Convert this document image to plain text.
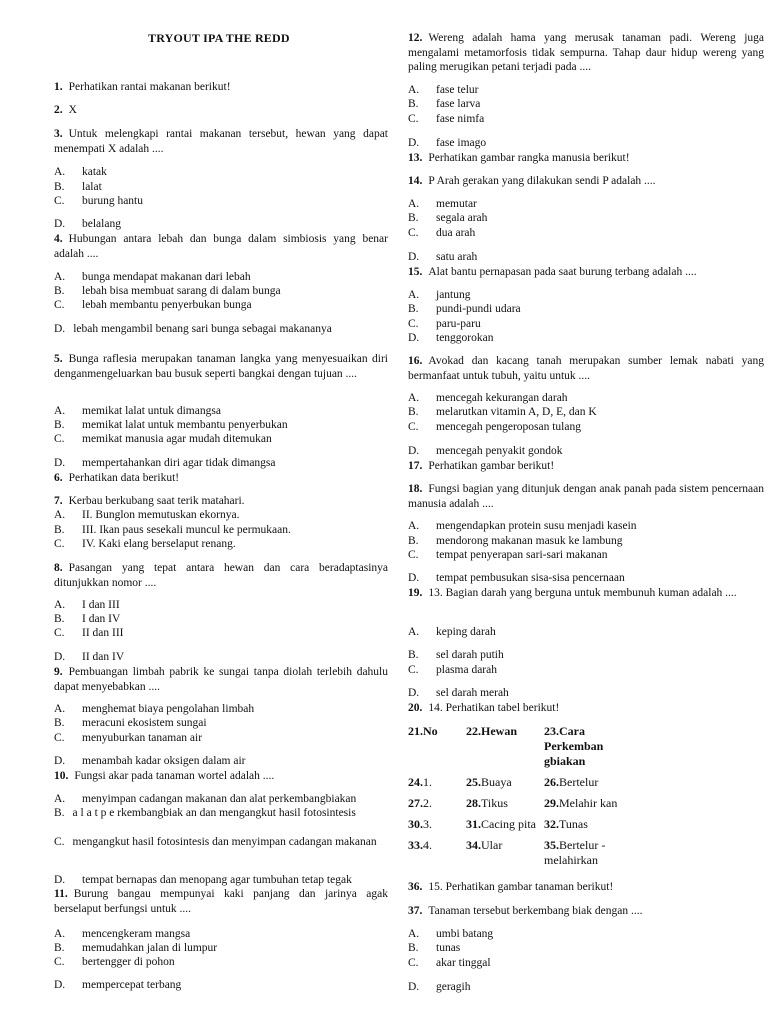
TRYOUT IPA THE REDD
1. Perhatikan rantai makanan berikut!
2. X
3. Untuk melengkapi rantai makanan tersebut, hewan yang dapat menempati X adalah ....
A. katak
B. lalat
C. burung hantu
D. belalang
4. Hubungan antara lebah dan bunga dalam simbiosis yang benar adalah ....
A. bunga mendapat makanan dari lebah
B. lebah bisa membuat sarang di dalam bunga
C. lebah membantu penyerbukan bunga
D. lebah mengambil benang sari bunga sebagai makananya
5. Bunga raflesia merupakan tanaman langka yang menyesuaikan diri denganmengeluarkan bau busuk seperti bangkai dengan tujuan ....
A. memikat lalat untuk dimangsa
B. memikat lalat untuk membantu penyerbukan
C. memikat manusia agar mudah ditemukan
D. mempertahankan diri agar tidak dimangsa
6. Perhatikan data berikut!
7. Kerbau berkubang saat terik matahari.
A. II. Bunglon memutuskan ekornya.
B. III. Ikan paus sesekali muncul ke permukaan.
C. IV. Kaki elang berselaput renang.
8. Pasangan yang tepat antara hewan dan cara beradaptasinya ditunjukkan nomor ....
A. I dan III
B. I dan IV
C. II dan III
D. II dan IV
9. Pembuangan limbah pabrik ke sungai tanpa diolah terlebih dahulu dapat menyebabkan ....
A. menghemat biaya pengolahan limbah
B. meracuni ekosistem sungai
C. menyuburkan tanaman air
D. menambah kadar oksigen dalam air
10. Fungsi akar pada tanaman wortel adalah ....
A. menyimpan cadangan makanan dan alat perkembangbiakan
B. a l a t p e rkembangbiak an dan mengangkut hasil fotosintesis
C. mengangkut hasil fotosintesis dan menyimpan cadangan makanan
D. tempat bernapas dan menopang agar tumbuhan tetap tegak
11. Burung bangau mempunyai kaki panjang dan jarinya agak berselaput berfungsi untuk ....
A. mencengkeram mangsa
B. memudahkan jalan di lumpur
C. bertengger di pohon
D. mempercepat terbang
12. Wereng adalah hama yang merusak tanaman padi. Wereng juga mengalami metamorfosis tidak sempurna. Tahap daur hidup wereng yang paling merugikan petani terjadi pada ....
A. fase telur
B. fase larva
C. fase nimfa
D. fase imago
13. Perhatikan gambar rangka manusia berikut!
14. P Arah gerakan yang dilakukan sendi P adalah ....
A. memutar
B. segala arah
C. dua arah
D. satu arah
15. Alat bantu pernapasan pada saat burung terbang adalah ....
A. jantung
B. pundi-pundi udara
C. paru-paru
D. tenggorokan
16. Avokad dan kacang tanah merupakan sumber lemak nabati yang bermanfaat untuk tubuh, yaitu untuk ....
A. mencegah kekurangan darah
B. melarutkan vitamin A, D, E, dan K
C. mencegah pengeroposan tulang
D. mencegah penyakit gondok
17. Perhatikan gambar berikut!
18. Fungsi bagian yang ditunjuk dengan anak panah pada sistem pencernaan manusia adalah ....
A. mengendapkan protein susu menjadi kasein
B. mendorong makanan masuk ke lambung
C. tempat penyerapan sari-sari makanan
D. tempat pembusukan sisa-sisa pencernaan
19. 13. Bagian darah yang berguna untuk membunuh kuman adalah ....
A. keping darah
B. sel darah putih
C. plasma darah
D. sel darah merah
20. 14. Perhatikan tabel berikut!
36. 15. Perhatikan gambar tanaman berikut!
37. Tanaman tersebut berkembang biak dengan ....
A. umbi batang
B. tunas
C. akar tinggal
D. geragih
21.No	22.Hewan	23.Cara Perkemban gbiakan
24.1.	25.Buaya	26.Bertelur
27.2.	28.Tikus	29.Melahir kan
30.3.	31.Cacing pita	32.Tunas
33.4.	34.Ular	35.Bertelur -melahirkan
